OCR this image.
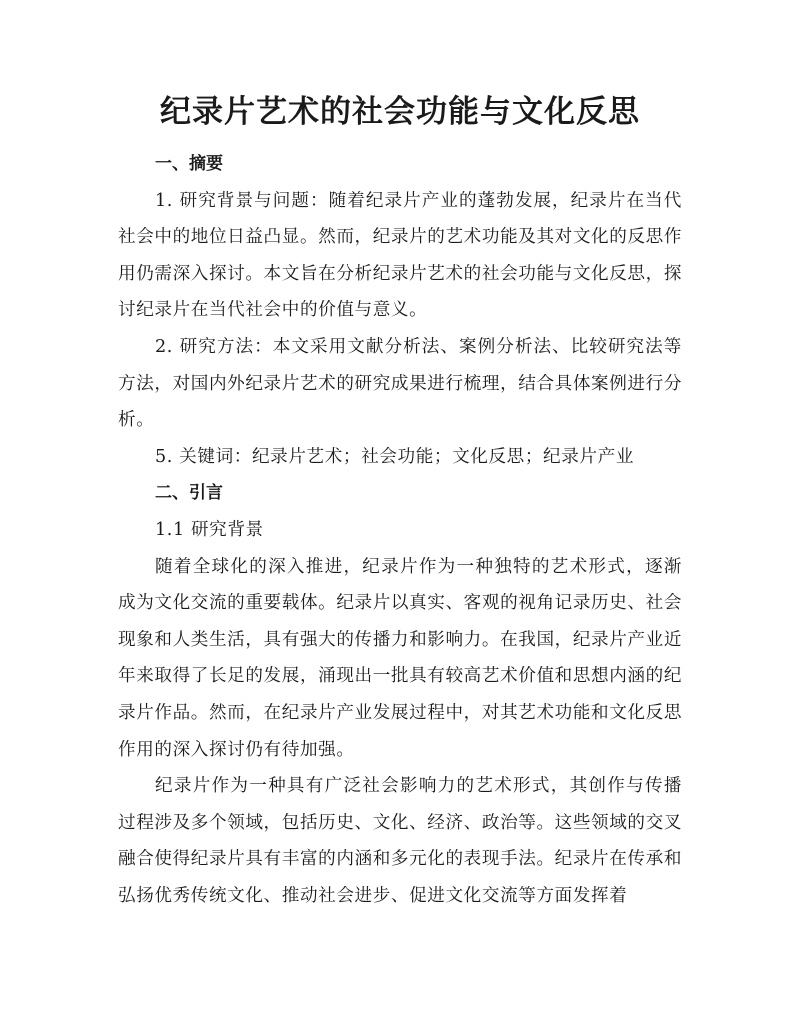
纪录片艺术的社会功能与文化反思

一、摘要

1. 研究背景与问题：随着纪录片产业的蓬勃发展，纪录片在当代社会中的地位日益凸显。然而，纪录片的艺术功能及其对文化的反思作用仍需深入探讨。本文旨在分析纪录片艺术的社会功能与文化反思，探讨纪录片在当代社会中的价值与意义。

2. 研究方法：本文采用文献分析法、案例分析法、比较研究法等方法，对国内外纪录片艺术的研究成果进行梳理，结合具体案例进行分析。

5. 关键词：纪录片艺术；社会功能；文化反思；纪录片产业

二、引言

1.1 研究背景

随着全球化的深入推进，纪录片作为一种独特的艺术形式，逐渐成为文化交流的重要载体。纪录片以真实、客观的视角记录历史、社会现象和人类生活，具有强大的传播力和影响力。在我国，纪录片产业近年来取得了长足的发展，涌现出一批具有较高艺术价值和思想内涵的纪录片作品。然而，在纪录片产业发展过程中，对其艺术功能和文化反思作用的深入探讨仍有待加强。

纪录片作为一种具有广泛社会影响力的艺术形式，其创作与传播过程涉及多个领域，包括历史、文化、经济、政治等。这些领域的交叉融合使得纪录片具有丰富的内涵和多元化的表现手法。纪录片在传承和弘扬优秀传统文化、推动社会进步、促进文化交流等方面发挥着
